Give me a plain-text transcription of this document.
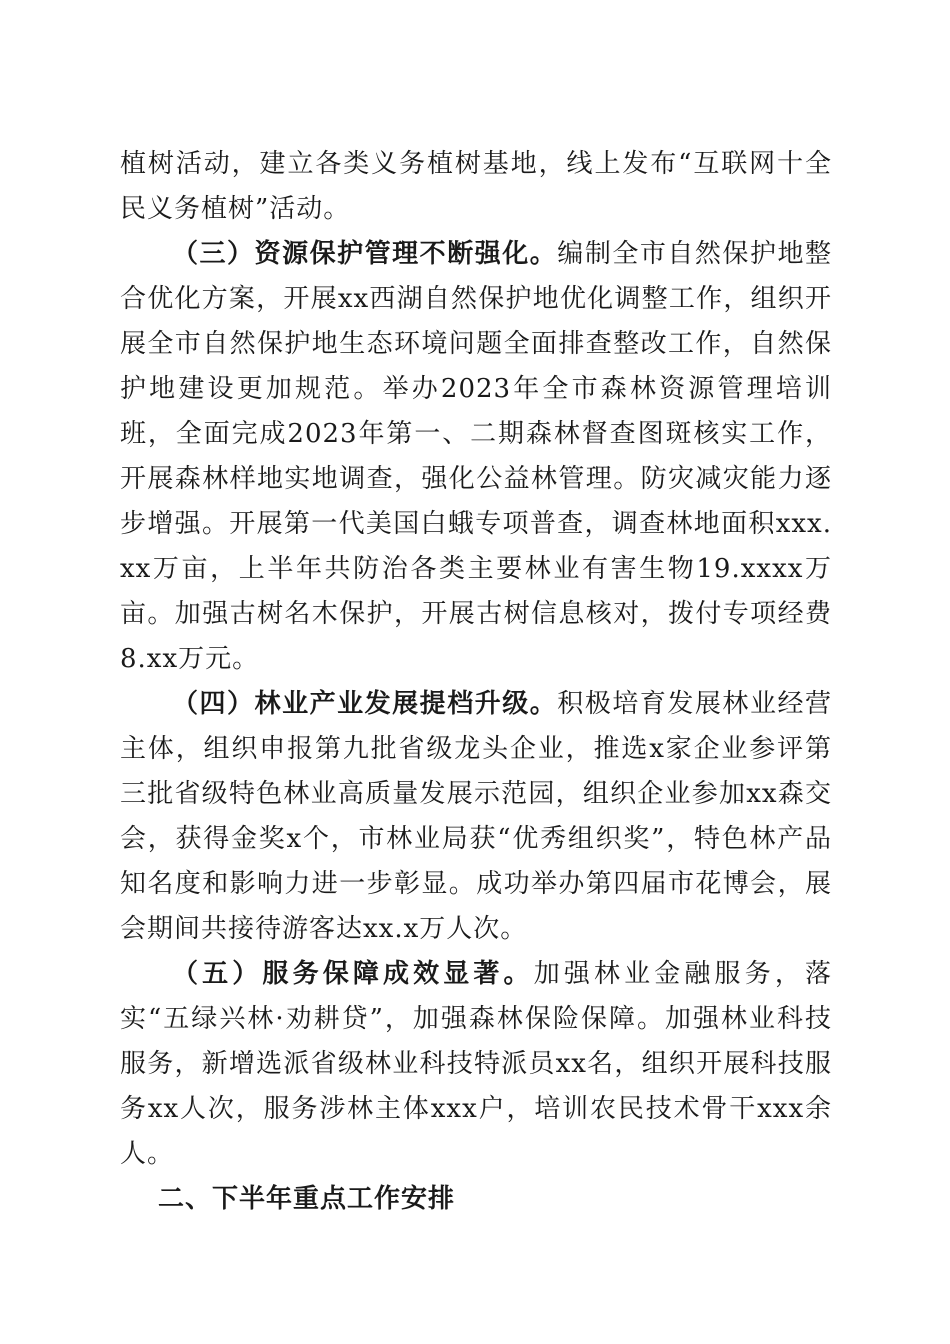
植树活动，建立各类义务植树基地，线上发布“互联网十全民义务植树”活动。

（三）资源保护管理不断强化。编制全市自然保护地整合优化方案，开展xx西湖自然保护地优化调整工作，组织开展全市自然保护地生态环境问题全面排查整改工作，自然保护地建设更加规范。举办2023年全市森林资源管理培训班，全面完成2023年第一、二期森林督查图斑核实工作，开展森林样地实地调查，强化公益林管理。防灾减灾能力逐步增强。开展第一代美国白蛾专项普查，调查林地面积xxx.xx万亩，上半年共防治各类主要林业有害生物19.xxxx万亩。加强古树名木保护，开展古树信息核对，拨付专项经费8.xx万元。

（四）林业产业发展提档升级。积极培育发展林业经营主体，组织申报第九批省级龙头企业，推选x家企业参评第三批省级特色林业高质量发展示范园，组织企业参加xx森交会，获得金奖x个，市林业局获“优秀组织奖”，特色林产品知名度和影响力进一步彰显。成功举办第四届市花博会，展会期间共接待游客达xx.x万人次。

（五）服务保障成效显著。加强林业金融服务，落实“五绿兴林·劝耕贷”，加强森林保险保障。加强林业科技服务，新增选派省级林业科技特派员xx名，组织开展科技服务xx人次，服务涉林主体xxx户，培训农民技术骨干xxx余人。

二、下半年重点工作安排
